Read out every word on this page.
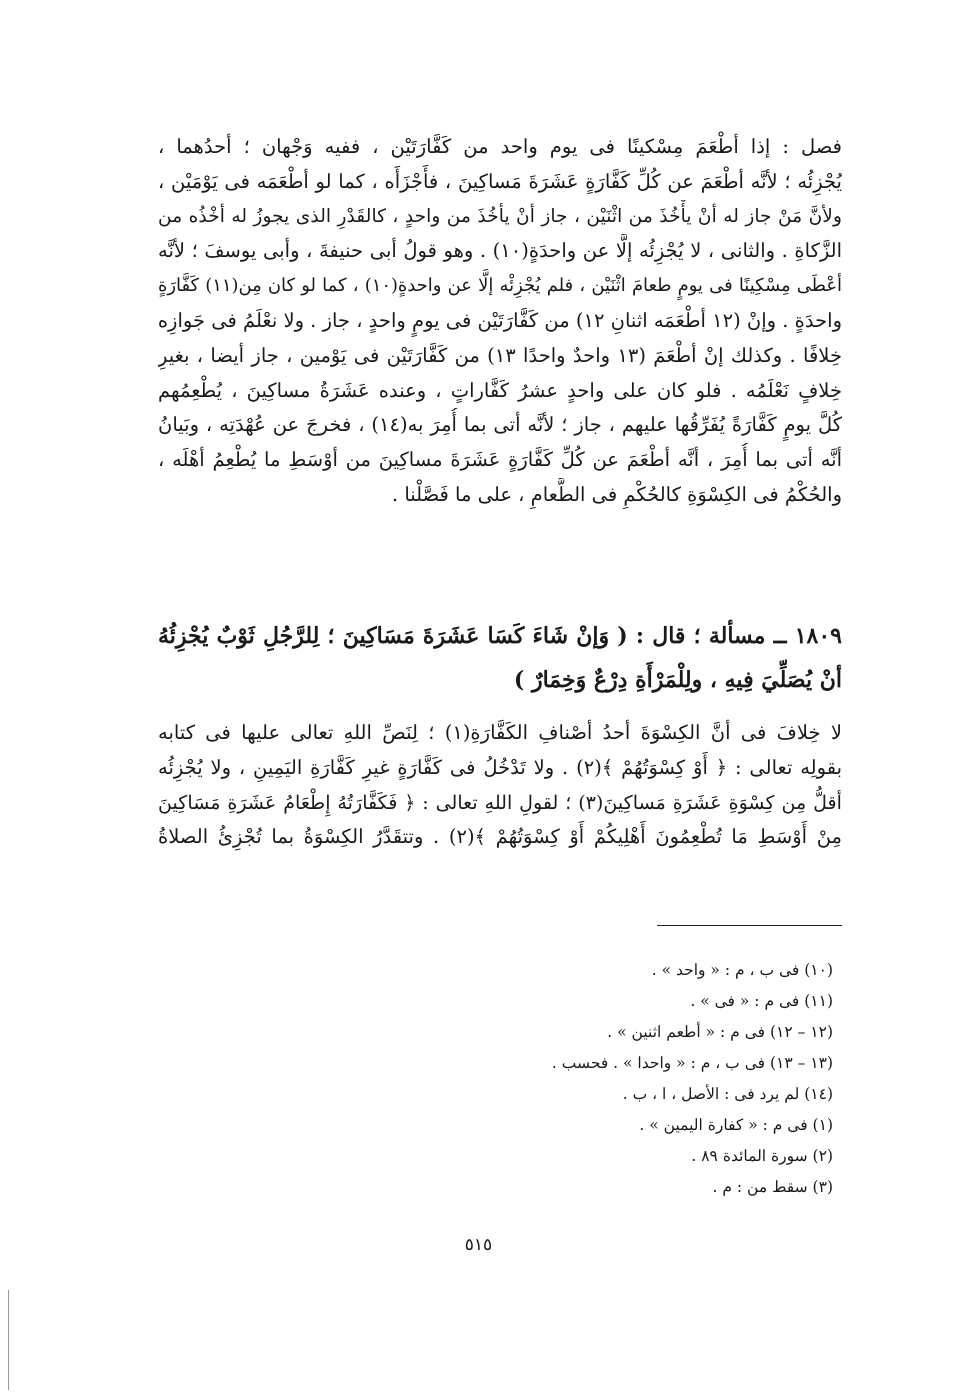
فصل : إذا أطْعَمَ مِسْكينًا فى يوم واحد من كَفَّارَتَيْن ، ففيه وَجْهان ؛ أحدُهما ،
يُجْزِئُه ؛ لأنَّه أطْعَمَ عن كُلِّ كَفَّارَةٍ عَشَرَةَ مَساكِينَ ، فأَجْزَأَه ، كما لو أطْعَمَه فى يَوْمَيْن ،
ولأنَّ مَنْ جاز له أنْ يأْخُذَ من اثْنَيْن ، جاز أنْ يأخُذَ من واحدٍ ، كالقَدْرِ الذى يجوزُ له أخْذُه من
الزَّكاةِ . والثانى ، لا يُجْزِئُه إلَّا عن واحدَةٍ(١٠) . وهو قولُ أبى حنيفةَ ، وأبى يوسفَ ؛ لأنَّه
أعْطَى مِسْكِينًا فى يومٍ طعامَ اثْنَيْن ، فلم يُجْزِئْه إلَّا عن واحدةٍ(١٠) ، كما لو كان مِن(١١) كَفَّارَةٍ
واحدَةٍ . وإنْ (١٢ أطْعَمَه اثنانِ ١٢) من كَفَّارَتَيْن فى يومٍ واحدٍ ، جاز . ولا نعْلَمُ فى جَوازِه
خِلافًا . وكذلك إنْ أطْعَمَ (١٣ واحدٌ واحدًا ١٣) من كَفَّارَتَيْن فى يَوْمين ، جاز أيضا ، بغيرِ
خِلافٍ نَعْلَمُه . فلو كان على واحدٍ عشرُ كَفَّاراتٍ ، وعنده عَشَرَةُ مساكِينَ ، يُطْعِمُهم
كُلَّ يومٍ كَفَّارَةً يُفَرِّقُها عليهم ، جاز ؛ لأنَّه أتى بما أُمِرَ به(١٤) ، فخرجَ عن عُهْدَتِه ، وبَيانُ
أنَّه أتى بما أُمِرَ ، أنَّه أطْعَمَ عن كُلِّ كَفَّارَةٍ عَشَرَةَ مساكِينَ من أوْسَطِ ما يُطْعِمُ أهْلَه ،
والحُكْمُ فى الكِسْوَةِ كالحُكْمِ فى الطَّعامِ ، على ما فَصَّلْنا .
١٨٠٩ ــ مسألة ؛ قال : ( وَإنْ شَاءَ كَسَا عَشَرَةَ مَسَاكِينَ ؛ لِلرَّجُلِ ثَوْبٌ يُجْزِئُهُ
أنْ يُصَلِّيَ فِيهِ ، ولِلْمَرْأَةِ دِرْعٌ وَخِمَارٌ )
لا خِلافَ فى أنَّ الكِسْوَةَ أحدُ أصْنافِ الكَفَّارَةِ(١) ؛ لِنَصِّ اللهِ تعالى عليها فى كتابه
بقولِه تعالى : ﴿ أَوْ كِسْوَتُهُمْ ﴾(٢) . ولا تَدْخُلُ فى كَفَّارَةٍ غيرِ كَفَّارَةِ اليَمِينِ ، ولا يُجْزِئُه
أقلُّ مِن كِسْوَةِ عَشَرَةِ مَساكِينَ(٣) ؛ لقولِ اللهِ تعالى : ﴿ فَكَفَّارَتُهُ إِطْعَامُ عَشَرَةِ مَسَاكِينَ
مِنْ أَوْسَطِ مَا تُطْعِمُونَ أَهْلِيكُمْ أَوْ كِسْوَتُهُمْ ﴾(٢) . وتتقَدَّرُ الكِسْوَةُ بما تُجْزِئُ الصلاةُ
(١٠) فى ب ، م : « واحد » .
(١١) فى م : « فى » .
(١٢ – ١٢) فى م : « أطعم اثنين » .
(١٣ – ١٣) فى ب ، م : « واحدا » . فحسب .
(١٤) لم يرد فى : الأصل ، ا ، ب .
(١) فى م : « كفارة اليمين » .
(٢) سورة المائدة ٨٩ .
(٣) سقط من : م .
٥١٥
